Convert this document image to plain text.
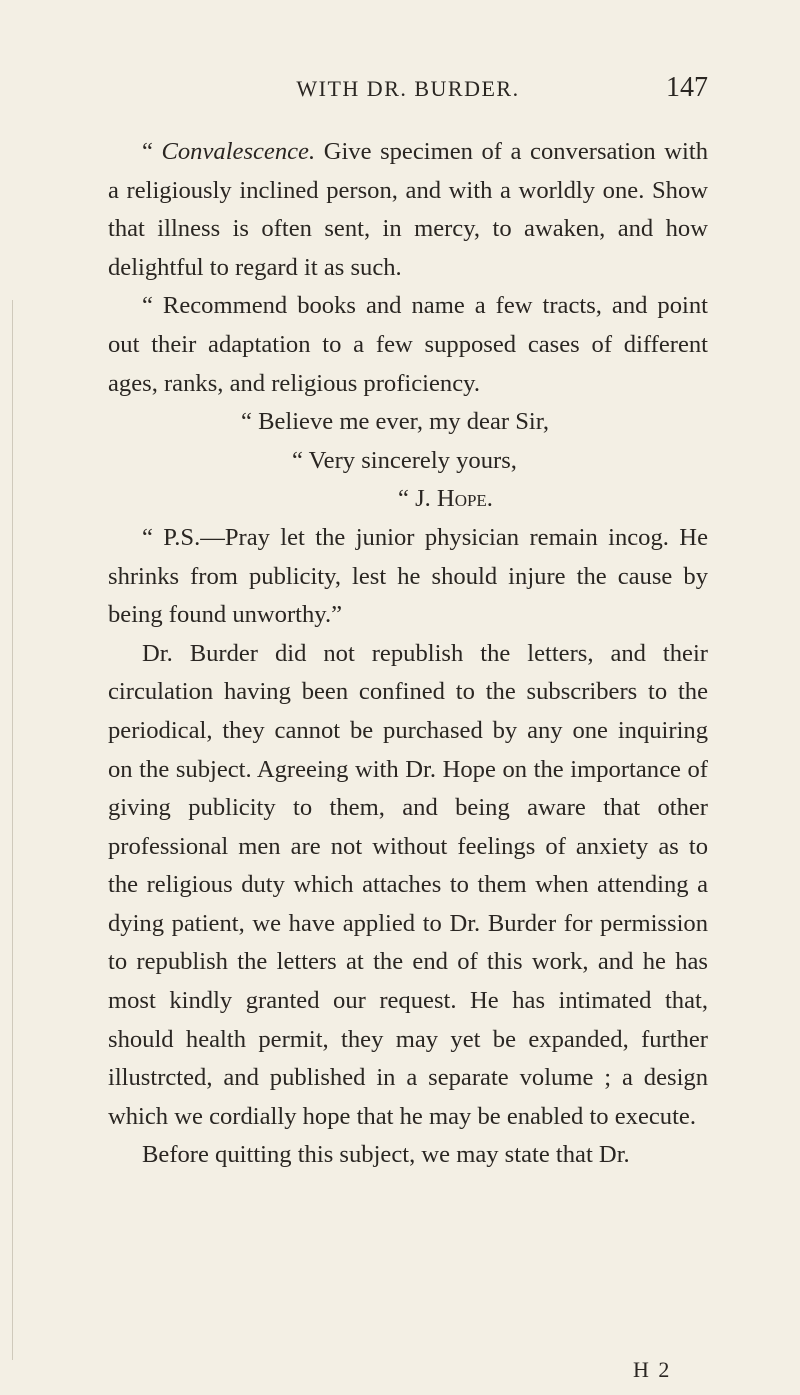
WITH DR. BURDER.	147

“ Convalescence. Give specimen of a conversation with a religiously inclined person, and with a worldly one. Show that illness is often sent, in mercy, to awaken, and how delightful to regard it as such.

“ Recommend books and name a few tracts, and point out their adaptation to a few supposed cases of different ages, ranks, and religious proficiency.

“ Believe me ever, my dear Sir,

“ Very sincerely yours,

“ J. Hope.

“ P.S.—Pray let the junior physician remain incog. He shrinks from publicity, lest he should injure the cause by being found unworthy.”

Dr. Burder did not republish the letters, and their circulation having been confined to the subscribers to the periodical, they cannot be purchased by any one inquiring on the subject. Agreeing with Dr. Hope on the importance of giving publicity to them, and being aware that other professional men are not without feelings of anxiety as to the religious duty which attaches to them when attending a dying patient, we have applied to Dr. Burder for permission to republish the letters at the end of this work, and he has most kindly granted our request. He has intimated that, should health permit, they may yet be expanded, further illustrcted, and published in a separate volume ; a design which we cordially hope that he may be enabled to execute.

Before quitting this subject, we may state that Dr.

H 2
